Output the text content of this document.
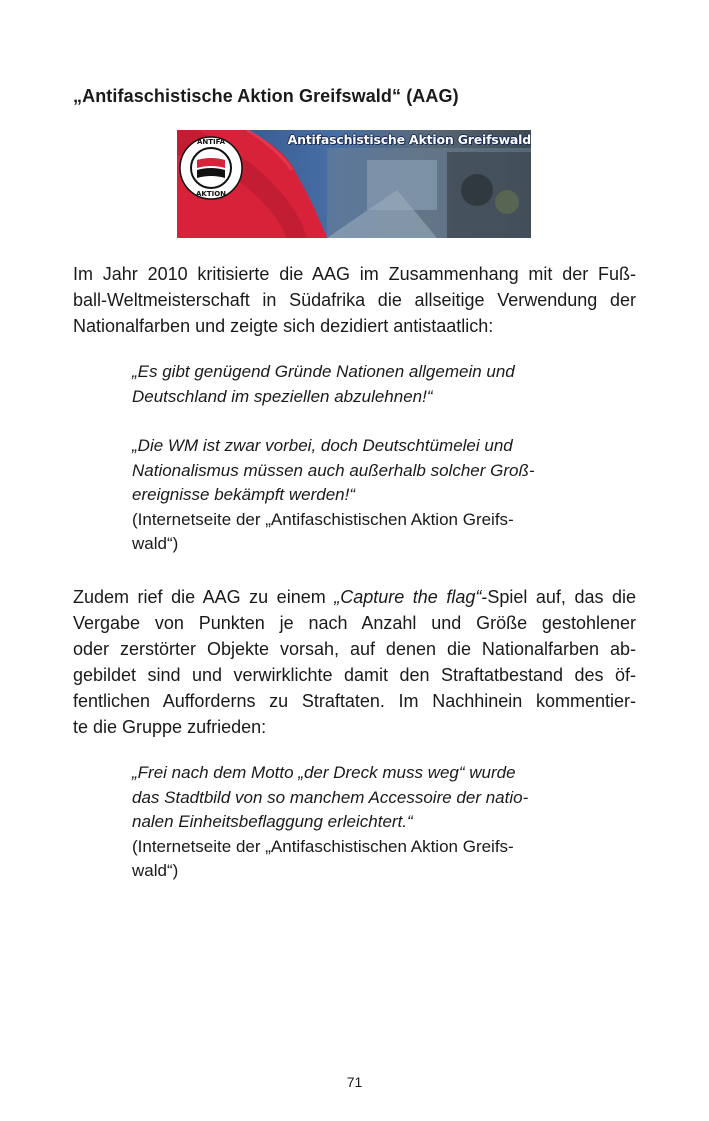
„Antifaschistische Aktion Greifswald“ (AAG)
ANTIFA
AKTION
Antifaschistische Aktion Greifswald

Im Jahr 2010 kritisierte die AAG im Zusammenhang mit der Fuß-
ball-Weltmeisterschaft in Südafrika die allseitige Verwendung der
Nationalfarben und zeigte sich dezidiert antistaatlich:

„Es gibt genügend Gründe Nationen allgemein und
Deutschland im speziellen abzulehnen!“

„Die WM ist zwar vorbei, doch Deutschtümelei und
Nationalismus müssen auch außerhalb solcher Groß-
ereignisse bekämpft werden!“

(Internetseite der „Antifaschistischen Aktion Greifs-
wald“)

Zudem rief die AAG zu einem „Capture the flag“-Spiel auf, das die
Vergabe von Punkten je nach Anzahl und Größe gestohlener
oder zerstörter Objekte vorsah, auf denen die Nationalfarben ab-
gebildet sind und verwirklichte damit den Straftatbestand des öf-
fentlichen Aufforderns zu Straftaten. Im Nachhinein kommentier-
te die Gruppe zufrieden:

„Frei nach dem Motto „der Dreck muss weg“ wurde
das Stadtbild von so manchem Accessoire der natio-
nalen Einheitsbeflaggung erleichtert.“

(Internetseite der „Antifaschistischen Aktion Greifs-
wald“)

71
